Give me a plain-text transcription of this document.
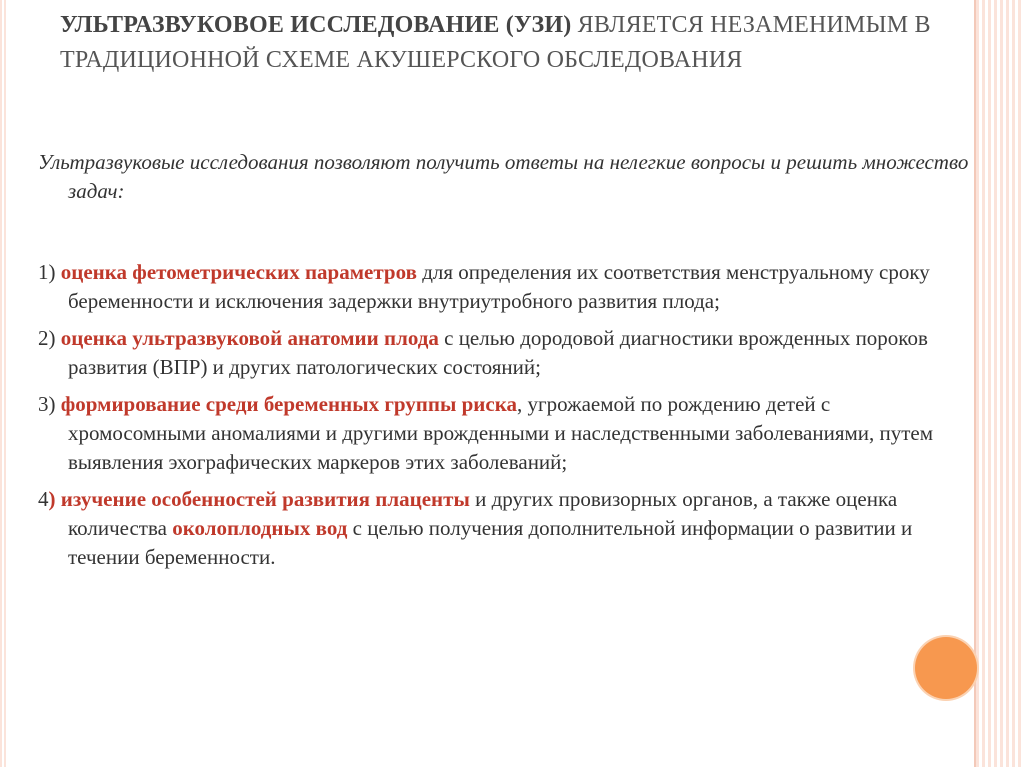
УЛЬТРАЗВУКОВОЕ ИССЛЕДОВАНИЕ (УЗИ) ЯВЛЯЕТСЯ НЕЗАМЕНИМЫМ В ТРАДИЦИОННОЙ СХЕМЕ АКУШЕРСКОГО ОБСЛЕДОВАНИЯ

Ультразвуковые исследования позволяют получить ответы на нелегкие вопросы и решить множество задач:

1) оценка фетометрических параметров для определения их соответствия менструальному сроку беременности и исключения задержки внутриутробного развития плода;
2) оценка ультразвуковой анатомии плода с целью дородовой диагностики врожденных пороков развития (ВПР) и других патологических состояний;
3) формирование среди беременных группы риска, угрожаемой по рождению детей с хромосомными аномалиями и другими врожденными и наследственными заболеваниями, путем выявления эхографических маркеров этих заболеваний;
4) изучение особенностей развития плаценты и других провизорных органов, а также оценка количества околоплодных вод с целью получения дополнительной информации о развитии и течении беременности.
